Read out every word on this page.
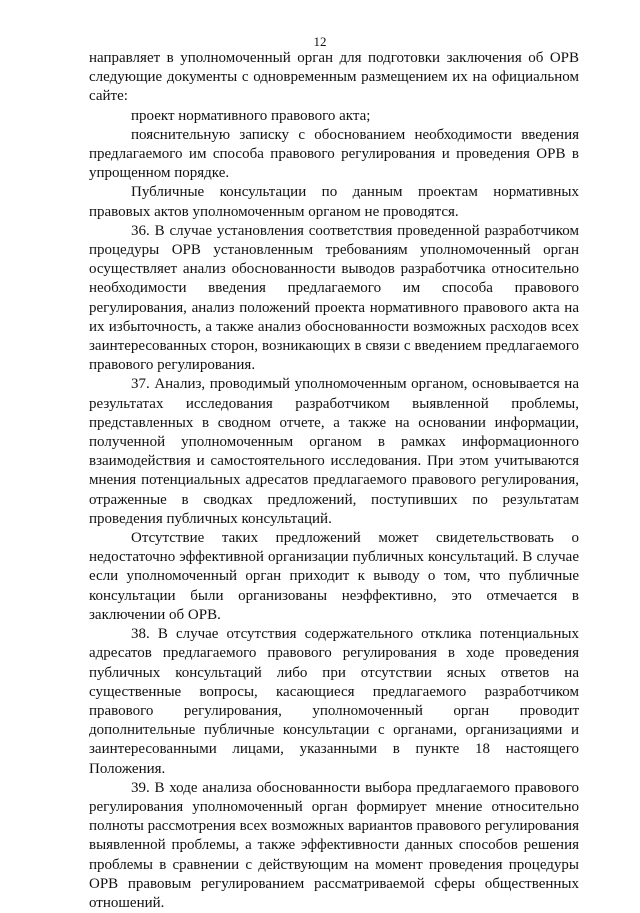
12

направляет в уполномоченный орган для подготовки заключения об ОРВ следующие документы с одновременным размещением их на официальном сайте:

проект нормативного правового акта;

пояснительную записку с обоснованием необходимости введения предлагаемого им способа правового регулирования и проведения ОРВ в упрощенном порядке.

Публичные консультации по данным проектам нормативных правовых актов уполномоченным органом не проводятся.

36. В случае установления соответствия проведенной разработчиком процедуры ОРВ установленным требованиям уполномоченный орган осуществляет анализ обоснованности выводов разработчика относительно необходимости введения предлагаемого им способа правового регулирования, анализ положений проекта нормативного правового акта на их избыточность, а также анализ обоснованности возможных расходов всех заинтересованных сторон, возникающих в связи с введением предлагаемого правового регулирования.

37. Анализ, проводимый уполномоченным органом, основывается на результатах исследования разработчиком выявленной проблемы, представленных в сводном отчете, а также на основании информации, полученной уполномоченным органом в рамках информационного взаимодействия и самостоятельного исследования. При этом учитываются мнения потенциальных адресатов предлагаемого правового регулирования, отраженные в сводках предложений, поступивших по результатам проведения публичных консультаций.

Отсутствие таких предложений может свидетельствовать о недостаточно эффективной организации публичных консультаций. В случае если уполномоченный орган приходит к выводу о том, что публичные консультации были организованы неэффективно, это отмечается в заключении об ОРВ.

38. В случае отсутствия содержательного отклика потенциальных адресатов предлагаемого правового регулирования в ходе проведения публичных консультаций либо при отсутствии ясных ответов на существенные вопросы, касающиеся предлагаемого разработчиком правового регулирования, уполномоченный орган проводит дополнительные публичные консультации с органами, организациями и заинтересованными лицами, указанными в пункте 18 настоящего Положения.

39. В ходе анализа обоснованности выбора предлагаемого правового регулирования уполномоченный орган формирует мнение относительно полноты рассмотрения всех возможных вариантов правового регулирования выявленной проблемы, а также эффективности данных способов решения проблемы в сравнении с действующим на момент проведения процедуры ОРВ правовым регулированием рассматриваемой сферы общественных отношений.
